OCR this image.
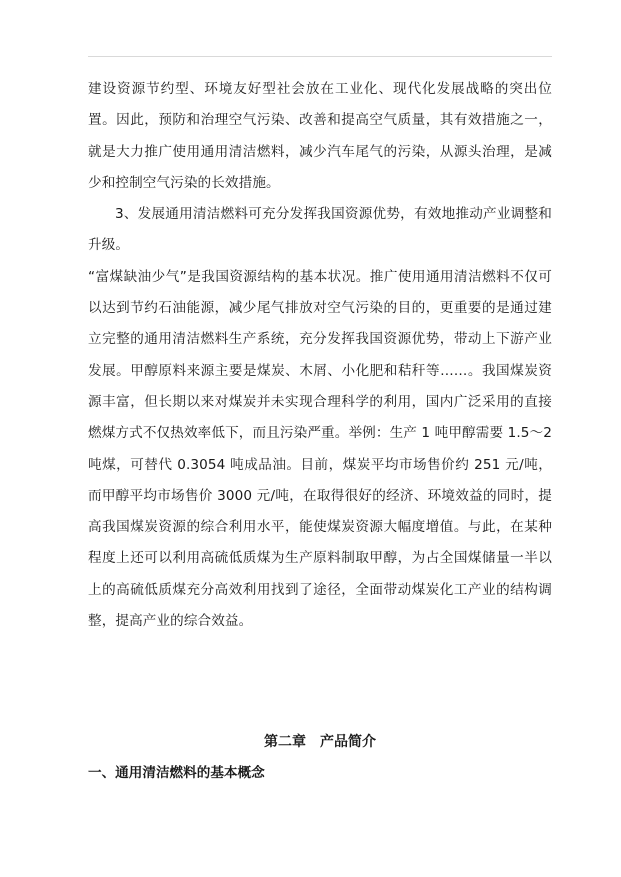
建设资源节约型、环境友好型社会放在工业化、现代化发展战略的突出位置。因此，预防和治理空气污染、改善和提高空气质量，其有效措施之一，就是大力推广使用通用清洁燃料，减少汽车尾气的污染，从源头治理，是减少和控制空气污染的长效措施。

3、发展通用清洁燃料可充分发挥我国资源优势，有效地推动产业调整和升级。

“富煤缺油少气”是我国资源结构的基本状况。推广使用通用清洁燃料不仅可以达到节约石油能源，减少尾气排放对空气污染的目的，更重要的是通过建立完整的通用清洁燃料生产系统，充分发挥我国资源优势，带动上下游产业发展。甲醇原料来源主要是煤炭、木屑、小化肥和秸秆等……。我国煤炭资源丰富，但长期以来对煤炭并未实现合理科学的利用，国内广泛采用的直接燃煤方式不仅热效率低下，而且污染严重。举例：生产 1 吨甲醇需要 1.5～2 吨煤，可替代 0.3054 吨成品油。目前，煤炭平均市场售价约 251 元/吨，而甲醇平均市场售价 3000 元/吨，在取得很好的经济、环境效益的同时，提高我国煤炭资源的综合利用水平，能使煤炭资源大幅度增值。与此，在某种程度上还可以利用高硫低质煤为生产原料制取甲醇，为占全国煤储量一半以上的高硫低质煤充分高效利用找到了途径，全面带动煤炭化工产业的结构调整，提高产业的综合效益。

第二章　产品简介
一、通用清洁燃料的基本概念
